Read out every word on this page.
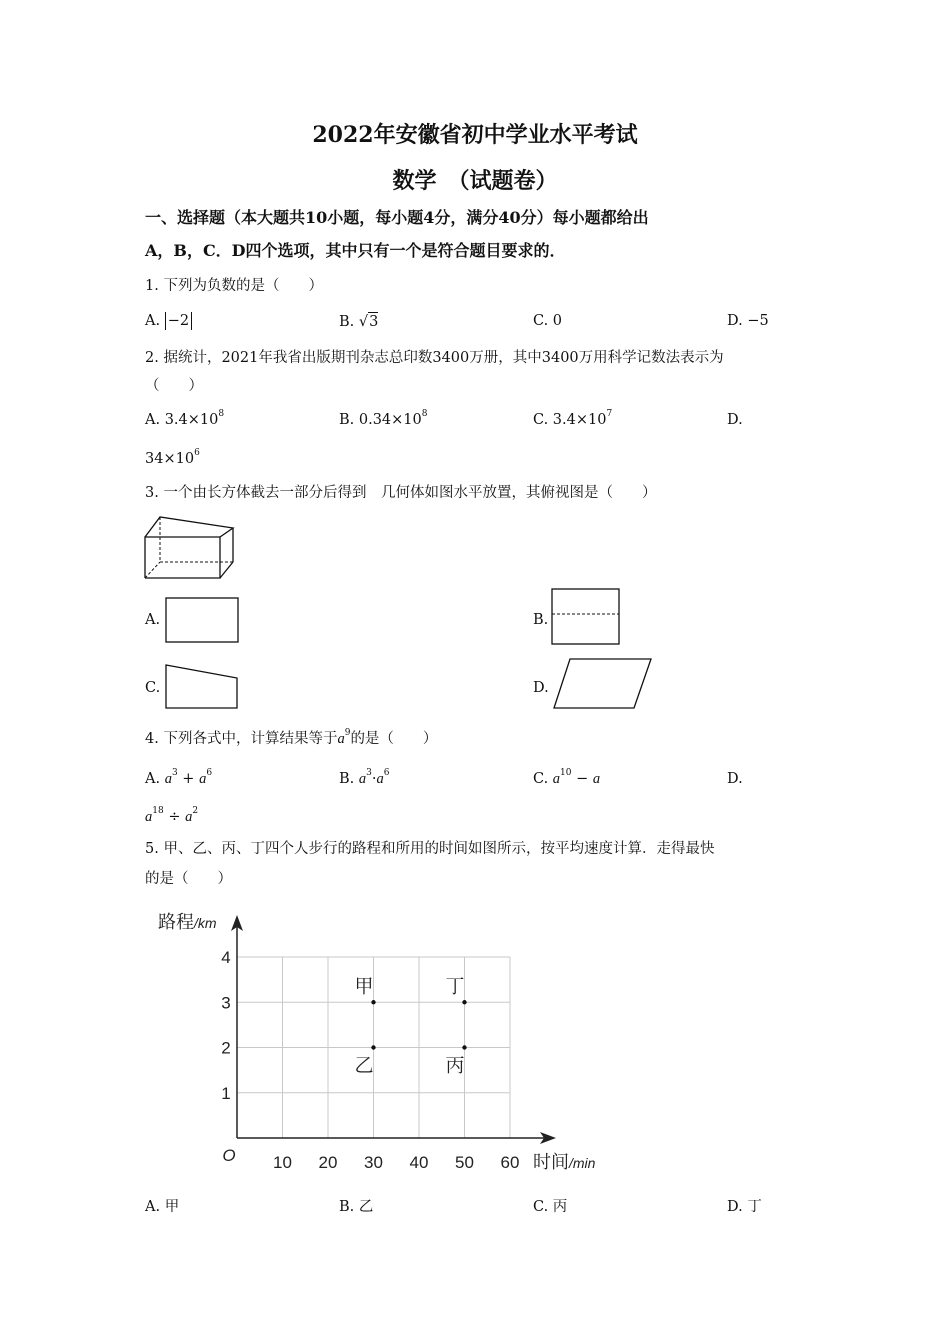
2022年安徽省初中学业水平考试
数学　（试题卷）
一、选择题（本大题共10小题，每小题4分，满分40分）每小题都给出
A，B，C．D四个选项，其中只有一个是符合题目要求的．
1. 下列为负数的是（　　）
A. −2	B. √3	C. 0	D. −5
2. 据统计，2021年我省出版期刊杂志总印数3400万册，其中3400万用科学记数法表示为
（　　）
A. $3.4\times 10^8$	B. $0.34\times 10^8$	C. $3.4\times 10^7$	D.
$34\times 10^6$
3. 一个由长方体截去一部分后得到　几何体如图水平放置，其俯视图是（　　）
A.	B.
C.	D.
4. 下列各式中，计算结果等于$a^9$的是（　　）
A. $a^3 + a^6$	B. $a^3\cdot a^6$	C. $a^{10} - a$	D.
$a^{18} \div a^2$
5. 甲、乙、丙、丁四个人步行的路程和所用的时间如图所示，按平均速度计算．走得最快
的是（　　）
10 20 30 40 50 60
1
2
3
4
O
路程/km
时间/min
甲
乙	丙
丁
A. 甲	B. 乙	C. 丙	D. 丁
